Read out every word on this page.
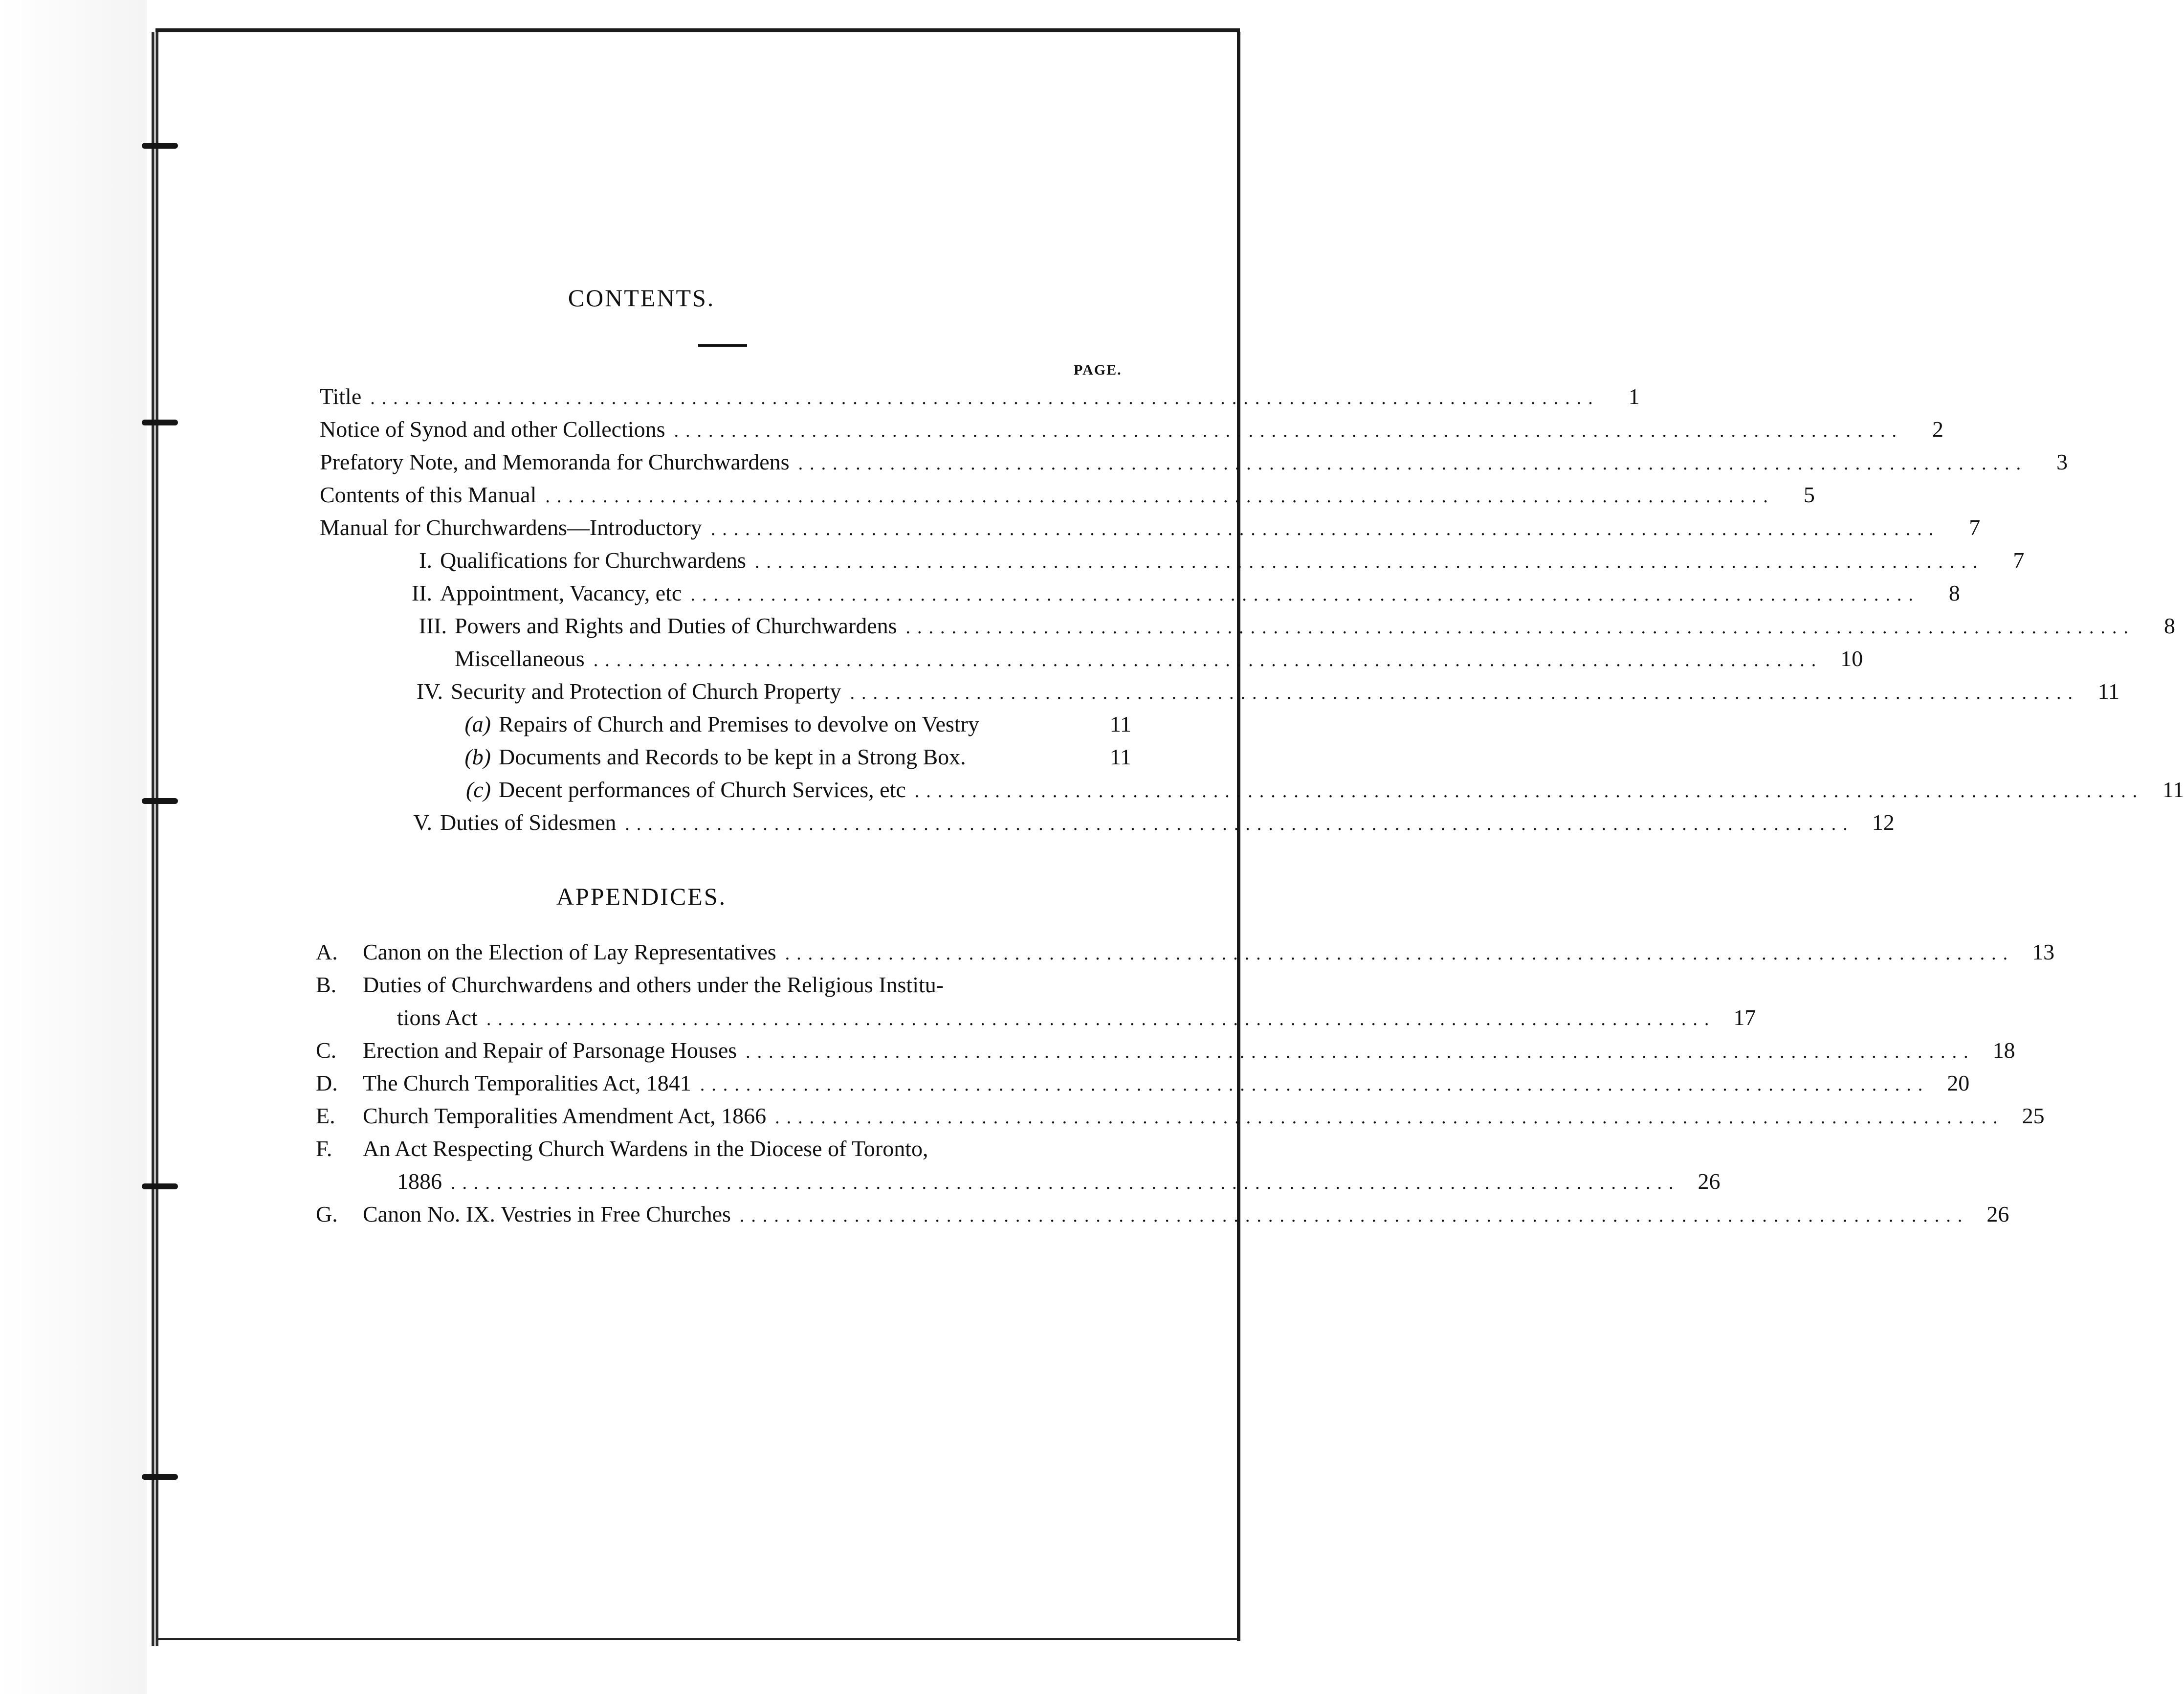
CONTENTS.
PAGE.
Title ...........................................................................................................	1
Notice of Synod and other Collections ...........................................................................................................	2
Prefatory Note, and Memoranda for Churchwardens ...........................................................................................................	3
Contents of this Manual ...........................................................................................................	5
Manual for Churchwardens—Introductory ...........................................................................................................	7
I. Qualifications for Churchwardens ...........................................................................................................	7
II. Appointment, Vacancy, etc ...........................................................................................................	8
III. Powers and Rights and Duties of Churchwardens ...........................................................................................................	8
Miscellaneous ........................................................................................................... 10
IV. Security and Protection of Church Property ........................................................................................................... 11
(a) Repairs of Church and Premises to devolve on Vestry	11
(b) Documents and Records to be kept in a Strong Box.	11
(c) Decent performances of Church Services, etc ........................................................................................................... 11
V. Duties of Sidesmen ........................................................................................................... 12
APPENDICES.
A.	Canon on the Election of Lay Representatives ........................................................................................................... 13
B.	Duties of Churchwardens and others under the Religious Institu-
tions Act ........................................................................................................... 17
C.	Erection and Repair of Parsonage Houses ........................................................................................................... 18
D.	The Church Temporalities Act, 1841 ........................................................................................................... 20
E.	Church Temporalities Amendment Act, 1866 ........................................................................................................... 25
F.	An Act Respecting Church Wardens in the Diocese of Toronto,
1886 ........................................................................................................... 26
G.	Canon No. IX. Vestries in Free Churches ........................................................................................................... 26
